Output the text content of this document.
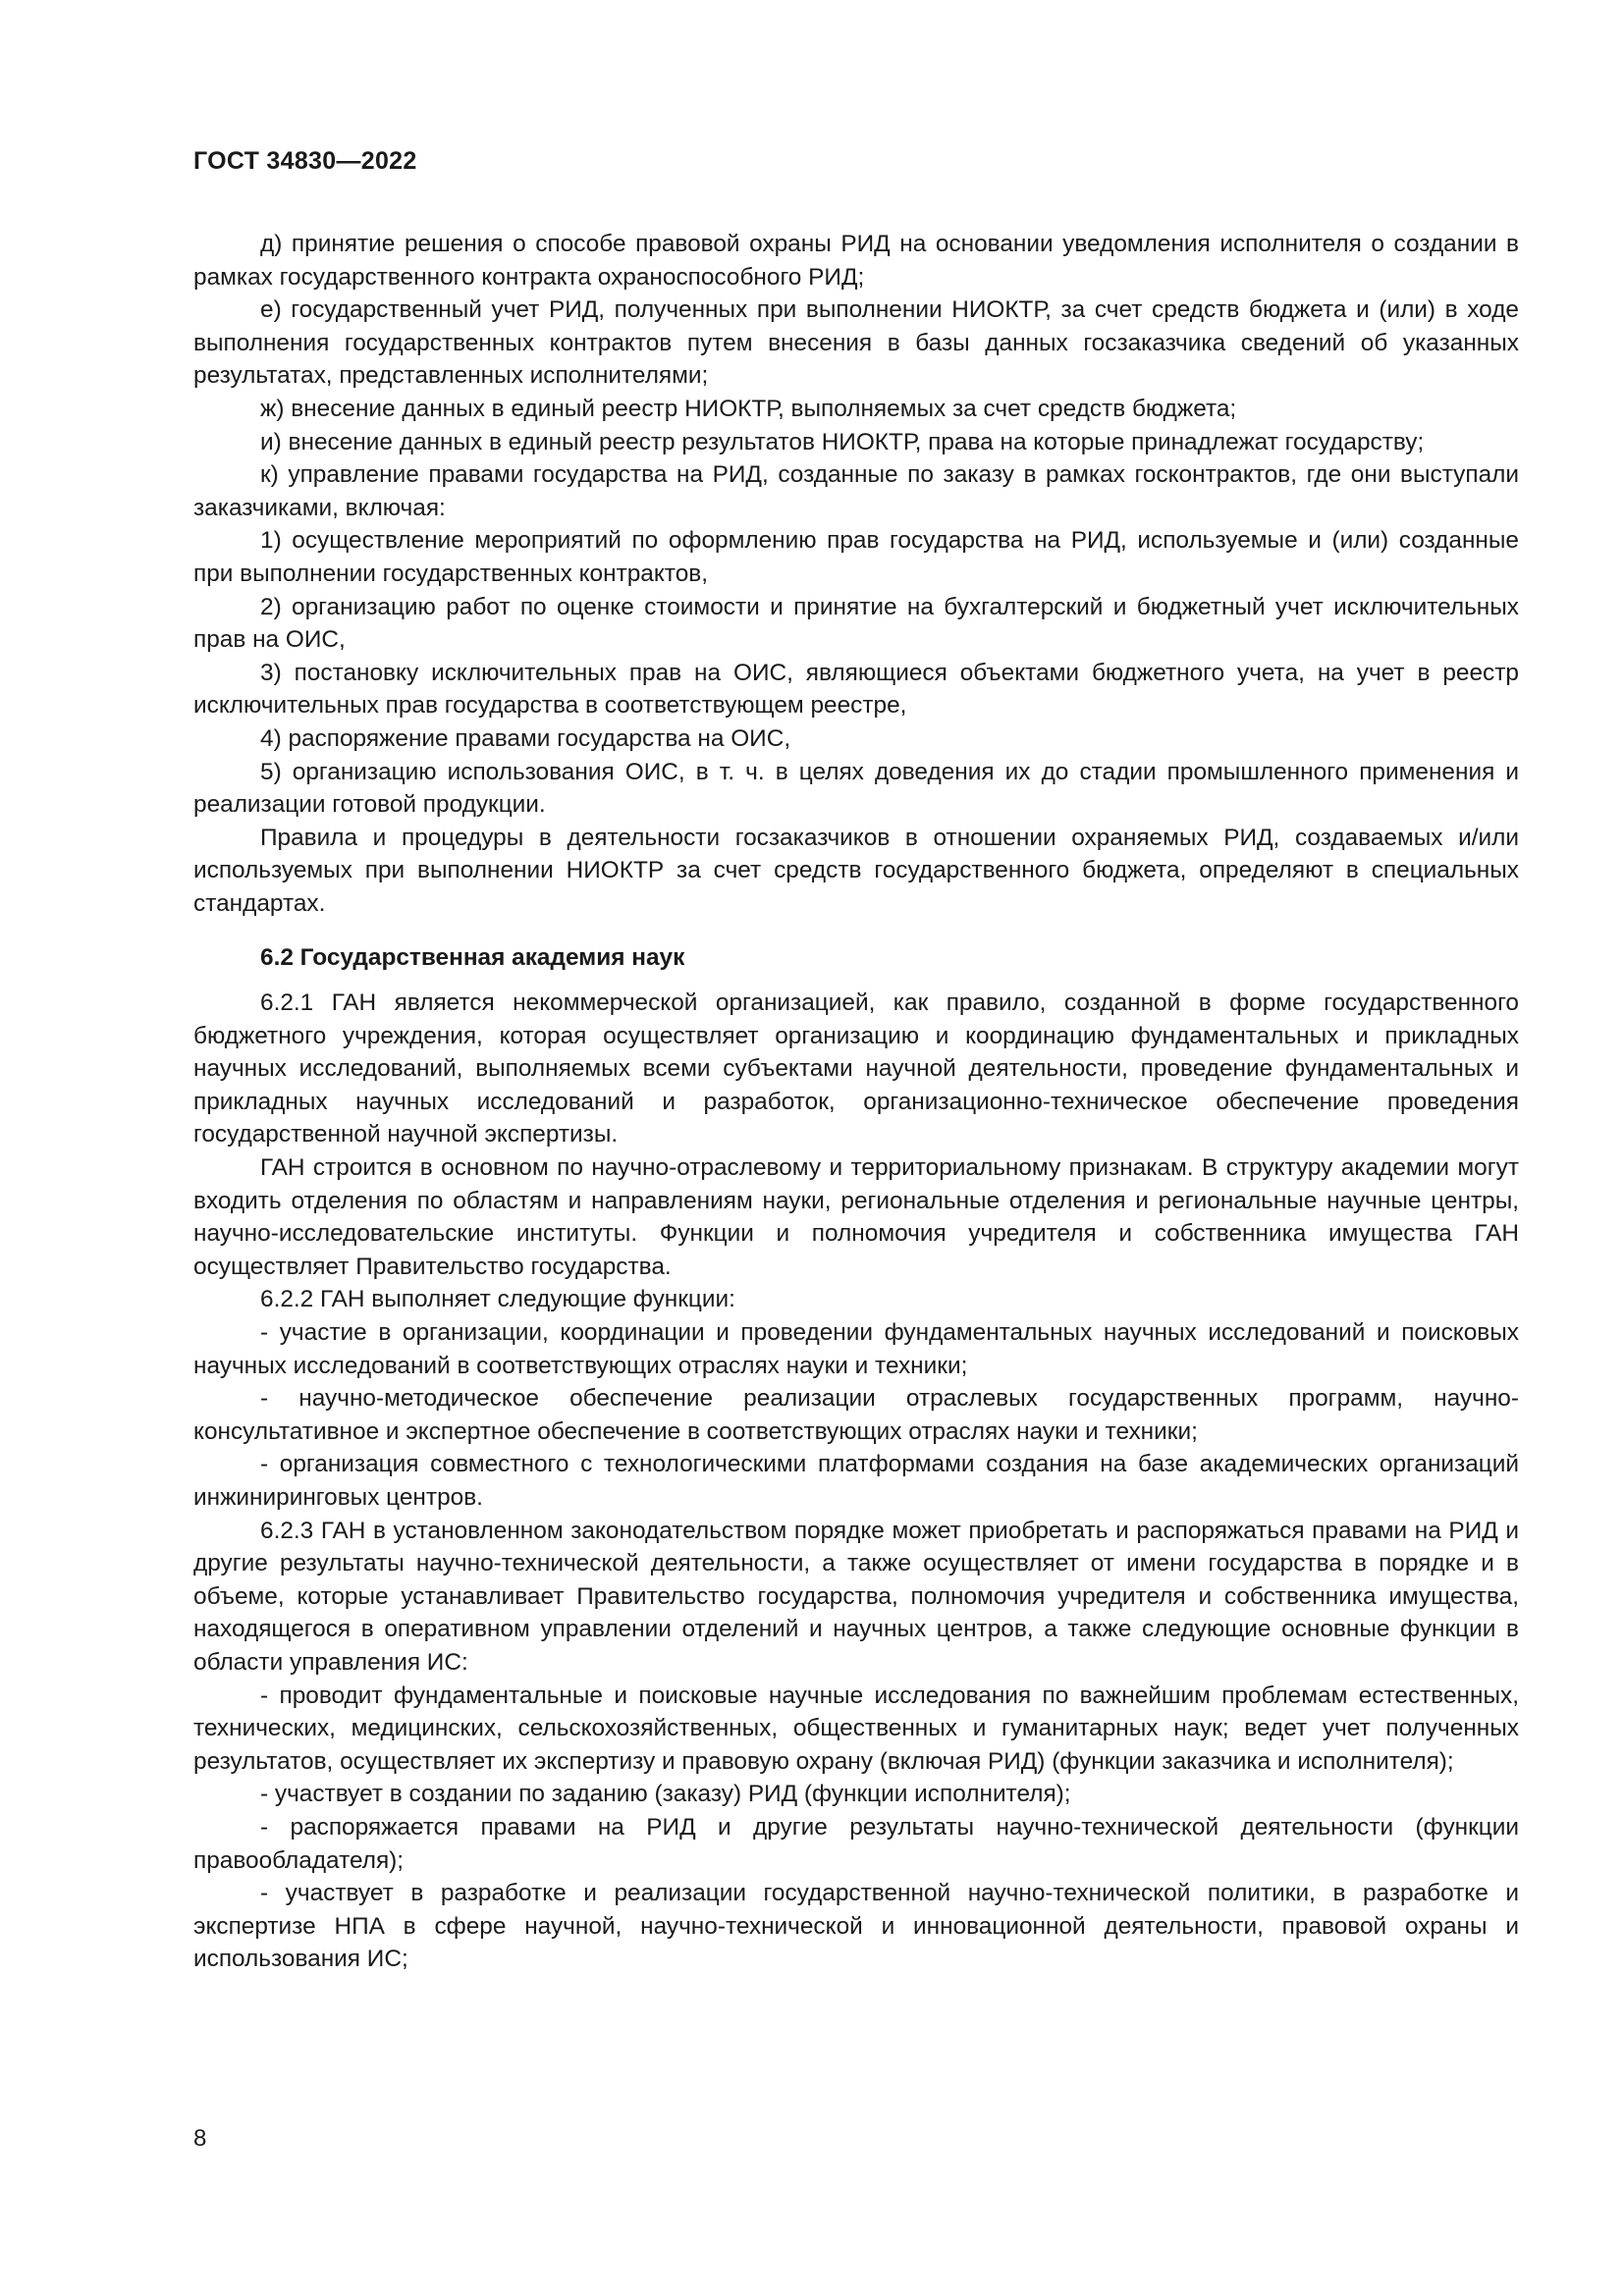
ГОСТ 34830—2022

д) принятие решения о способе правовой охраны РИД на основании уведомления исполнителя о создании в рамках государственного контракта охраноспособного РИД;

е) государственный учет РИД, полученных при выполнении НИОКТР, за счет средств бюджета и (или) в ходе выполнения государственных контрактов путем внесения в базы данных госзаказчика сведений об указанных результатах, представленных исполнителями;

ж) внесение данных в единый реестр НИОКТР, выполняемых за счет средств бюджета;

и) внесение данных в единый реестр результатов НИОКТР, права на которые принадлежат государству;

к) управление правами государства на РИД, созданные по заказу в рамках госконтрактов, где они выступали заказчиками, включая:

1) осуществление мероприятий по оформлению прав государства на РИД, используемые и (или) созданные при выполнении государственных контрактов,

2) организацию работ по оценке стоимости и принятие на бухгалтерский и бюджетный учет исключительных прав на ОИС,

3) постановку исключительных прав на ОИС, являющиеся объектами бюджетного учета, на учет в реестр исключительных прав государства в соответствующем реестре,

4) распоряжение правами государства на ОИС,

5) организацию использования ОИС, в т. ч. в целях доведения их до стадии промышленного применения и реализации готовой продукции.

Правила и процедуры в деятельности госзаказчиков в отношении охраняемых РИД, создаваемых и/или используемых при выполнении НИОКТР за счет средств государственного бюджета, определяют в специальных стандартах.

6.2 Государственная академия наук

6.2.1 ГАН является некоммерческой организацией, как правило, созданной в форме государственного бюджетного учреждения, которая осуществляет организацию и координацию фундаментальных и прикладных научных исследований, выполняемых всеми субъектами научной деятельности, проведение фундаментальных и прикладных научных исследований и разработок, организационно-техническое обеспечение проведения государственной научной экспертизы.

ГАН строится в основном по научно-отраслевому и территориальному признакам. В структуру академии могут входить отделения по областям и направлениям науки, региональные отделения и региональные научные центры, научно-исследовательские институты. Функции и полномочия учредителя и собственника имущества ГАН осуществляет Правительство государства.

6.2.2 ГАН выполняет следующие функции:

- участие в организации, координации и проведении фундаментальных научных исследований и поисковых научных исследований в соответствующих отраслях науки и техники;

- научно-методическое обеспечение реализации отраслевых государственных программ, научно-консультативное и экспертное обеспечение в соответствующих отраслях науки и техники;

- организация совместного с технологическими платформами создания на базе академических организаций инжиниринговых центров.

6.2.3 ГАН в установленном законодательством порядке может приобретать и распоряжаться правами на РИД и другие результаты научно-технической деятельности, а также осуществляет от имени государства в порядке и в объеме, которые устанавливает Правительство государства, полномочия учредителя и собственника имущества, находящегося в оперативном управлении отделений и научных центров, а также следующие основные функции в области управления ИС:

- проводит фундаментальные и поисковые научные исследования по важнейшим проблемам естественных, технических, медицинских, сельскохозяйственных, общественных и гуманитарных наук; ведет учет полученных результатов, осуществляет их экспертизу и правовую охрану (включая РИД) (функции заказчика и исполнителя);

- участвует в создании по заданию (заказу) РИД (функции исполнителя);

- распоряжается правами на РИД и другие результаты научно-технической деятельности (функции правообладателя);

- участвует в разработке и реализации государственной научно-технической политики, в разработке и экспертизе НПА в сфере научной, научно-технической и инновационной деятельности, правовой охраны и использования ИС;

8
